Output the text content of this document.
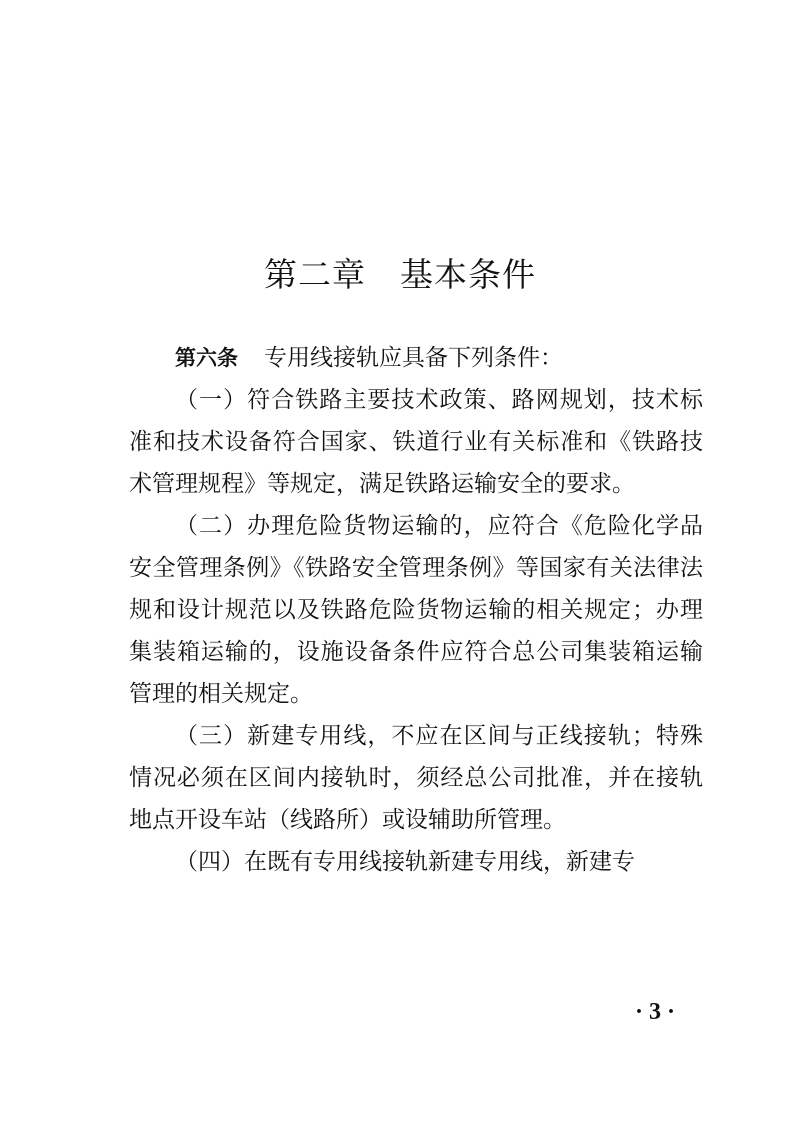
第二章　基本条件

第六条 专用线接轨应具备下列条件：

（一）符合铁路主要技术政策、路网规划，技术标准和技术设备符合国家、铁道行业有关标准和《铁路技术管理规程》等规定，满足铁路运输安全的要求。

（二）办理危险货物运输的，应符合《危险化学品安全管理条例》《铁路安全管理条例》等国家有关法律法规和设计规范以及铁路危险货物运输的相关规定；办理集装箱运输的，设施设备条件应符合总公司集装箱运输管理的相关规定。

（三）新建专用线，不应在区间与正线接轨；特殊情况必须在区间内接轨时，须经总公司批准，并在接轨地点开设车站（线路所）或设辅助所管理。

（四）在既有专用线接轨新建专用线，新建专

· 3 ·
